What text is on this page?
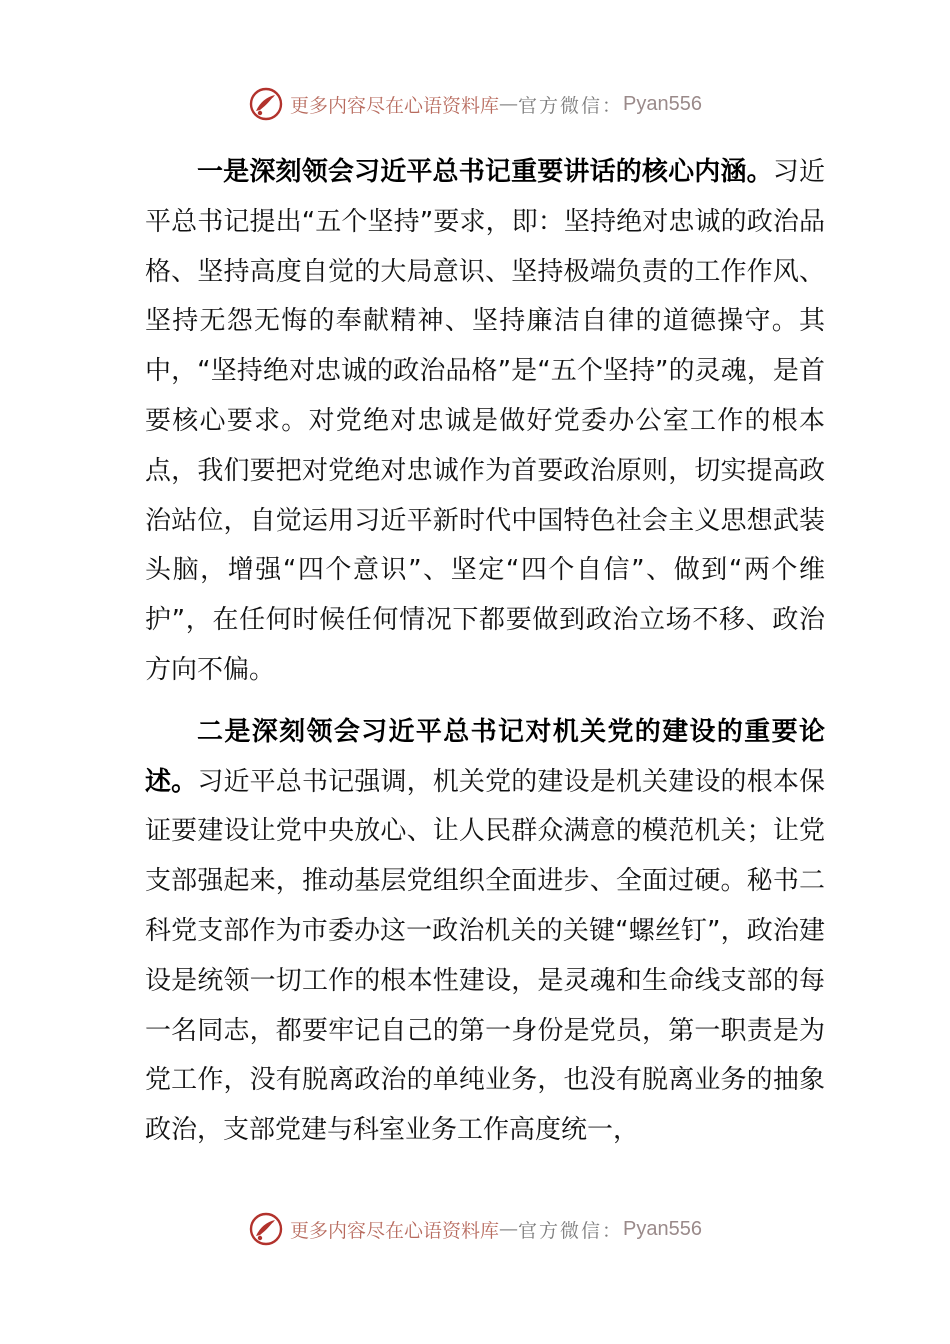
更多内容尽在心语资料库 — 官方微信： Pyan556

一是深刻领会习近平总书记重要讲话的核心内涵。习近平总书记提出“五个坚持”要求，即：坚持绝对忠诚的政治品格、坚持高度自觉的大局意识、坚持极端负责的工作作风、坚持无怨无悔的奉献精神、坚持廉洁自律的道德操守。其中，“坚持绝对忠诚的政治品格”是“五个坚持”的灵魂，是首要核心要求。对党绝对忠诚是做好党委办公室工作的根本点，我们要把对党绝对忠诚作为首要政治原则，切实提高政治站位，自觉运用习近平新时代中国特色社会主义思想武装头脑，增强“四个意识”、坚定“四个自信”、做到“两个维护”，在任何时候任何情况下都要做到政治立场不移、政治方向不偏。

二是深刻领会习近平总书记对机关党的建设的重要论述。习近平总书记强调，机关党的建设是机关建设的根本保证要建设让党中央放心、让人民群众满意的模范机关；让党支部强起来，推动基层党组织全面进步、全面过硬。秘书二科党支部作为市委办这一政治机关的关键“螺丝钉”，政治建设是统领一切工作的根本性建设，是灵魂和生命线支部的每一名同志，都要牢记自己的第一身份是党员，第一职责是为党工作，没有脱离政治的单纯业务，也没有脱离业务的抽象政治，支部党建与科室业务工作高度统一，

更多内容尽在心语资料库 — 官方微信： Pyan556
